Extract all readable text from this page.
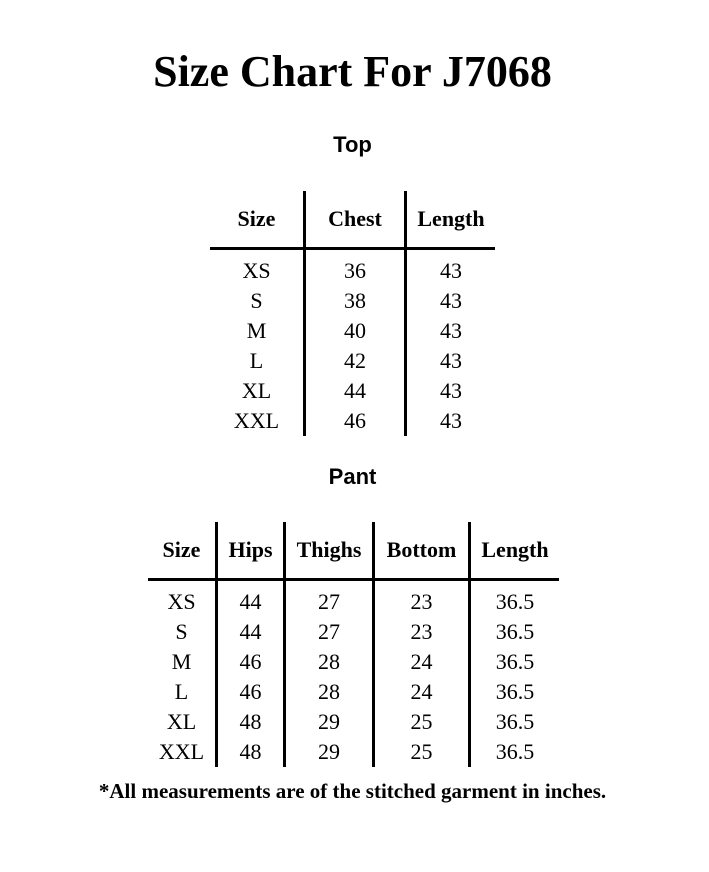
Size Chart For J7068
Top
Size	Chest	Length
XS	36	43
S	38	43
M	40	43
L	42	43
XL	44	43
XXL	46	43
Pant
Size	Hips	Thighs	Bottom	Length
XS	44	27	23	36.5
S	44	27	23	36.5
M	46	28	24	36.5
L	46	28	24	36.5
XL	48	29	25	36.5
XXL	48	29	25	36.5
*All measurements are of the stitched garment in inches.
